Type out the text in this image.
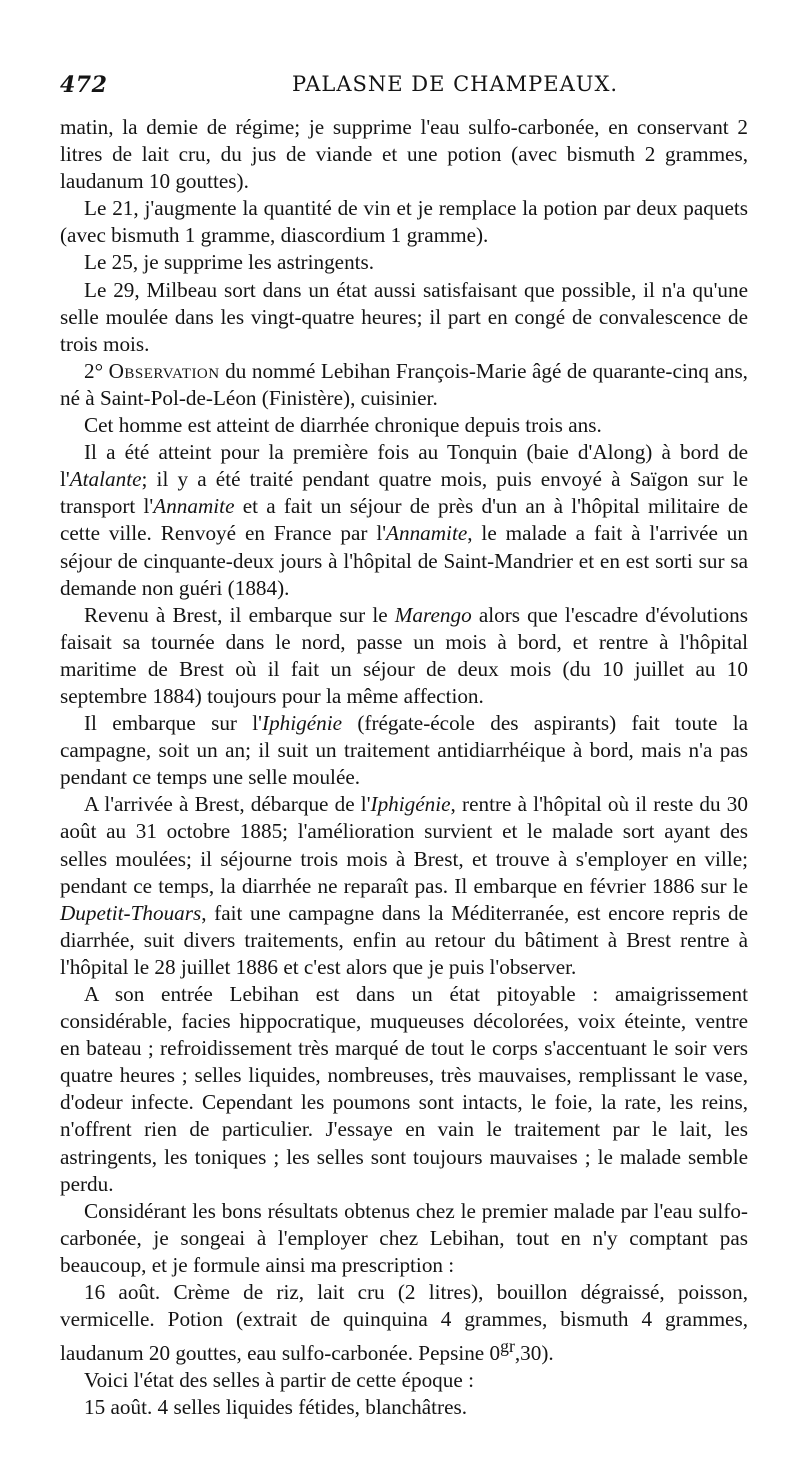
472	PALASNE DE CHAMPEAUX.

matin, la demie de régime; je supprime l'eau sulfo-carbonée, en conservant 2 litres de lait cru, du jus de viande et une potion (avec bismuth 2 grammes, laudanum 10 gouttes).

Le 21, j'augmente la quantité de vin et je remplace la potion par deux paquets (avec bismuth 1 gramme, diascordium 1 gramme).

Le 25, je supprime les astringents.

Le 29, Milbeau sort dans un état aussi satisfaisant que possible, il n'a qu'une selle moulée dans les vingt-quatre heures; il part en congé de convalescence de trois mois.

2° Observation du nommé Lebihan François-Marie âgé de quarante-cinq ans, né à Saint-Pol-de-Léon (Finistère), cuisinier.

Cet homme est atteint de diarrhée chronique depuis trois ans.

Il a été atteint pour la première fois au Tonquin (baie d'Along) à bord de l'Atalante; il y a été traité pendant quatre mois, puis envoyé à Saïgon sur le transport l'Annamite et a fait un séjour de près d'un an à l'hôpital militaire de cette ville. Renvoyé en France par l'Annamite, le malade a fait à l'arrivée un séjour de cinquante-deux jours à l'hôpital de Saint-Mandrier et en est sorti sur sa demande non guéri (1884).

Revenu à Brest, il embarque sur le Marengo alors que l'escadre d'évolutions faisait sa tournée dans le nord, passe un mois à bord, et rentre à l'hôpital maritime de Brest où il fait un séjour de deux mois (du 10 juillet au 10 septembre 1884) toujours pour la même affection.

Il embarque sur l'Iphigénie (frégate-école des aspirants) fait toute la campagne, soit un an; il suit un traitement antidiarrhéique à bord, mais n'a pas pendant ce temps une selle moulée.

A l'arrivée à Brest, débarque de l'Iphigénie, rentre à l'hôpital où il reste du 30 août au 31 octobre 1885; l'amélioration survient et le malade sort ayant des selles moulées; il séjourne trois mois à Brest, et trouve à s'employer en ville; pendant ce temps, la diarrhée ne reparaît pas. Il embarque en février 1886 sur le Dupetit-Thouars, fait une campagne dans la Méditerranée, est encore repris de diarrhée, suit divers traitements, enfin au retour du bâtiment à Brest rentre à l'hôpital le 28 juillet 1886 et c'est alors que je puis l'observer.

A son entrée Lebihan est dans un état pitoyable : amaigrissement considérable, facies hippocratique, muqueuses décolorées, voix éteinte, ventre en bateau ; refroidissement très marqué de tout le corps s'accentuant le soir vers quatre heures ; selles liquides, nombreuses, très mauvaises, remplissant le vase, d'odeur infecte. Cependant les poumons sont intacts, le foie, la rate, les reins, n'offrent rien de particulier. J'essaye en vain le traitement par le lait, les astringents, les toniques ; les selles sont toujours mauvaises ; le malade semble perdu.

Considérant les bons résultats obtenus chez le premier malade par l'eau sulfo-carbonée, je songeai à l'employer chez Lebihan, tout en n'y comptant pas beaucoup, et je formule ainsi ma prescription :

16 août. Crème de riz, lait cru (2 litres), bouillon dégraissé, poisson, vermicelle. Potion (extrait de quinquina 4 grammes, bismuth 4 grammes, laudanum 20 gouttes, eau sulfo-carbonée. Pepsine $0^{gr},30$).

Voici l'état des selles à partir de cette époque :

15 août. 4 selles liquides fétides, blanchâtres.
